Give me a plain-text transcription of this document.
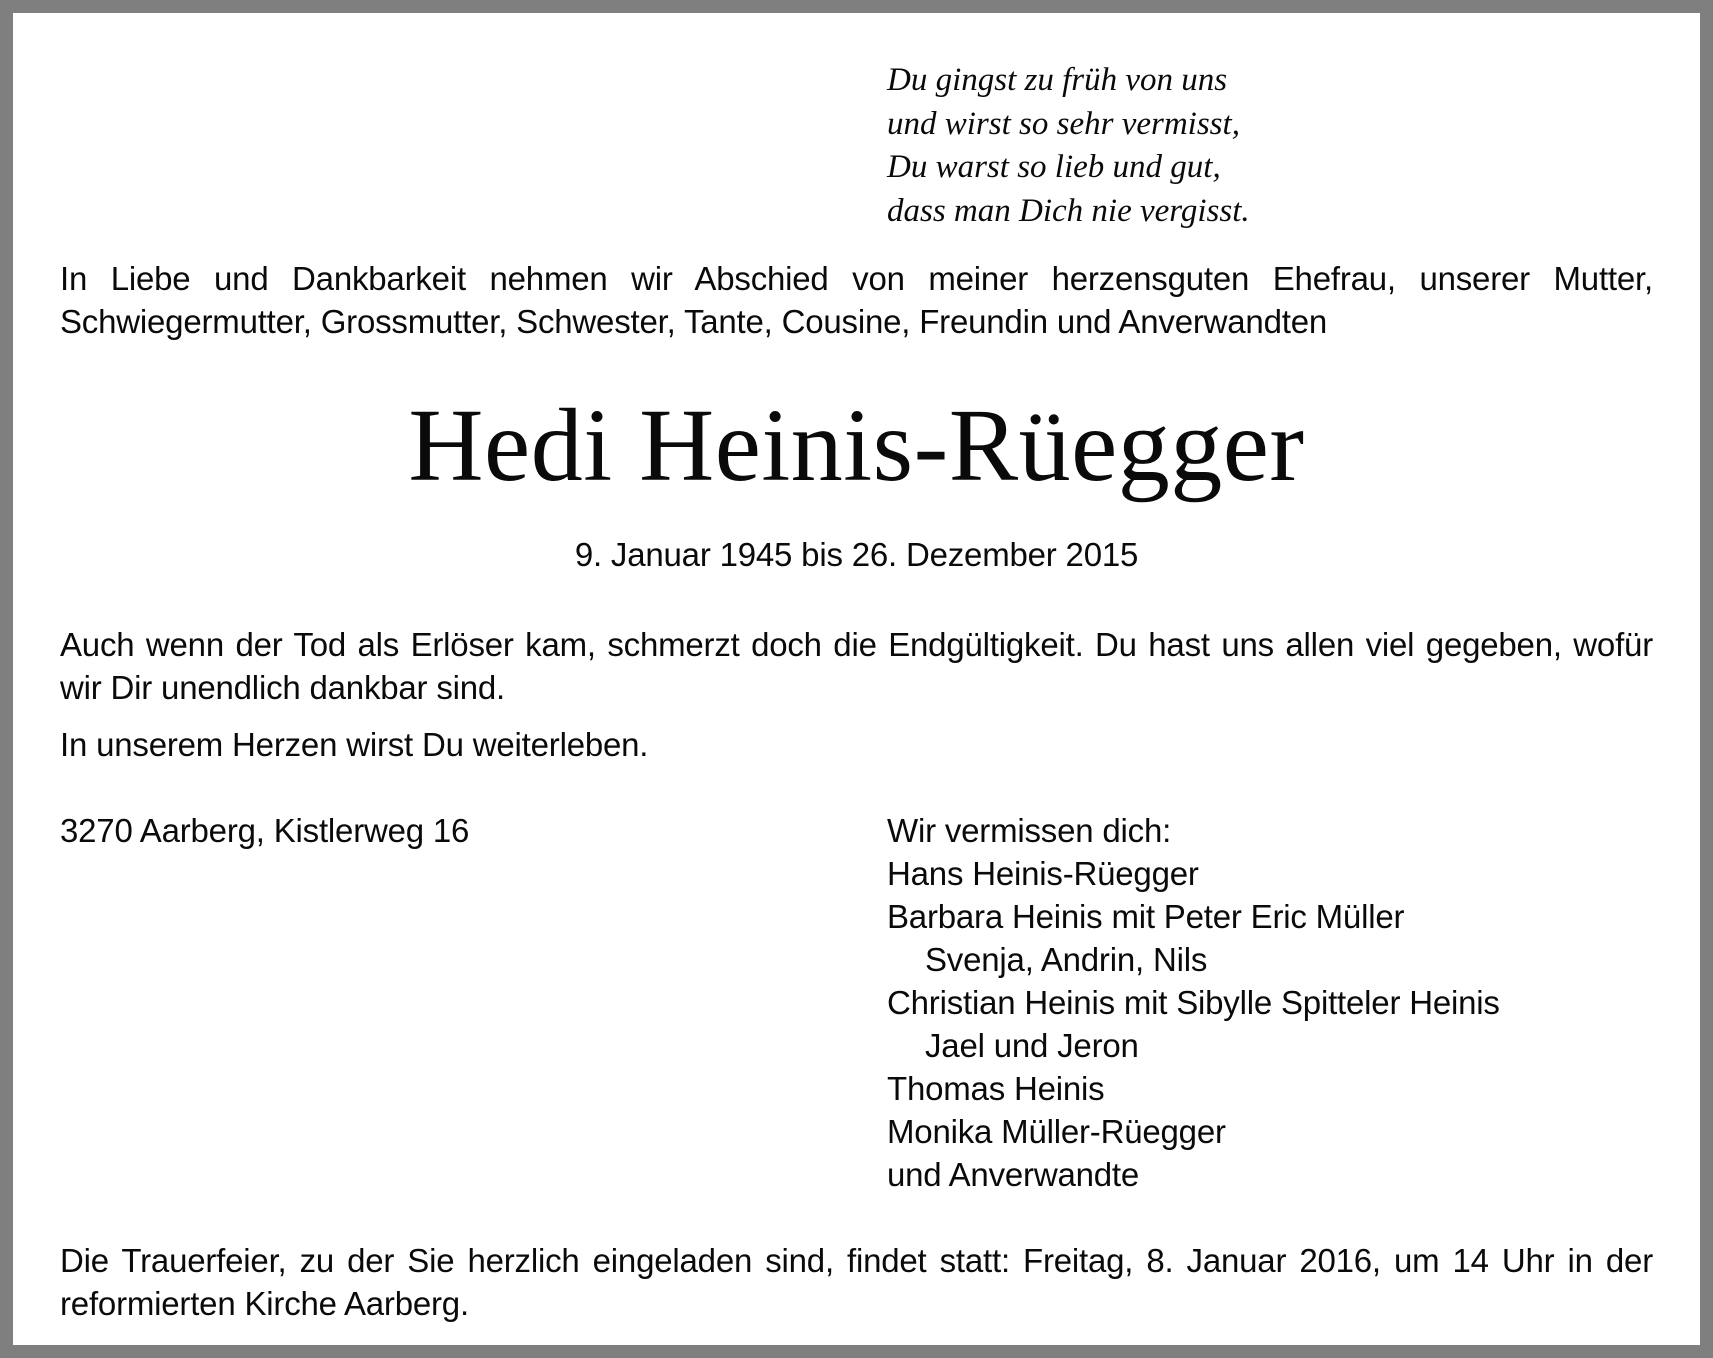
Du gingst zu früh von uns
und wirst so sehr vermisst,
Du warst so lieb und gut,
dass man Dich nie vergisst.
In Liebe und Dankbarkeit nehmen wir Abschied von meiner herzensguten Ehefrau, unserer Mutter, Schwiegermutter, Grossmutter, Schwester, Tante, Cousine, Freundin und Anverwandten
Hedi Heinis-Rüegger
9. Januar 1945 bis 26. Dezember 2015
Auch wenn der Tod als Erlöser kam, schmerzt doch die Endgültigkeit. Du hast uns allen viel gegeben, wofür wir Dir unendlich dankbar sind.
In unserem Herzen wirst Du weiterleben.
3270 Aarberg, Kistlerweg 16	Wir vermissen dich:
Hans Heinis-Rüegger
Barbara Heinis mit Peter Eric Müller
Svenja, Andrin, Nils
Christian Heinis mit Sibylle Spitteler Heinis
Jael und Jeron
Thomas Heinis
Monika Müller-Rüegger
und Anverwandte
Die Trauerfeier, zu der Sie herzlich eingeladen sind, findet statt: Freitag, 8. Januar 2016, um 14 Uhr in der reformierten Kirche Aarberg.
